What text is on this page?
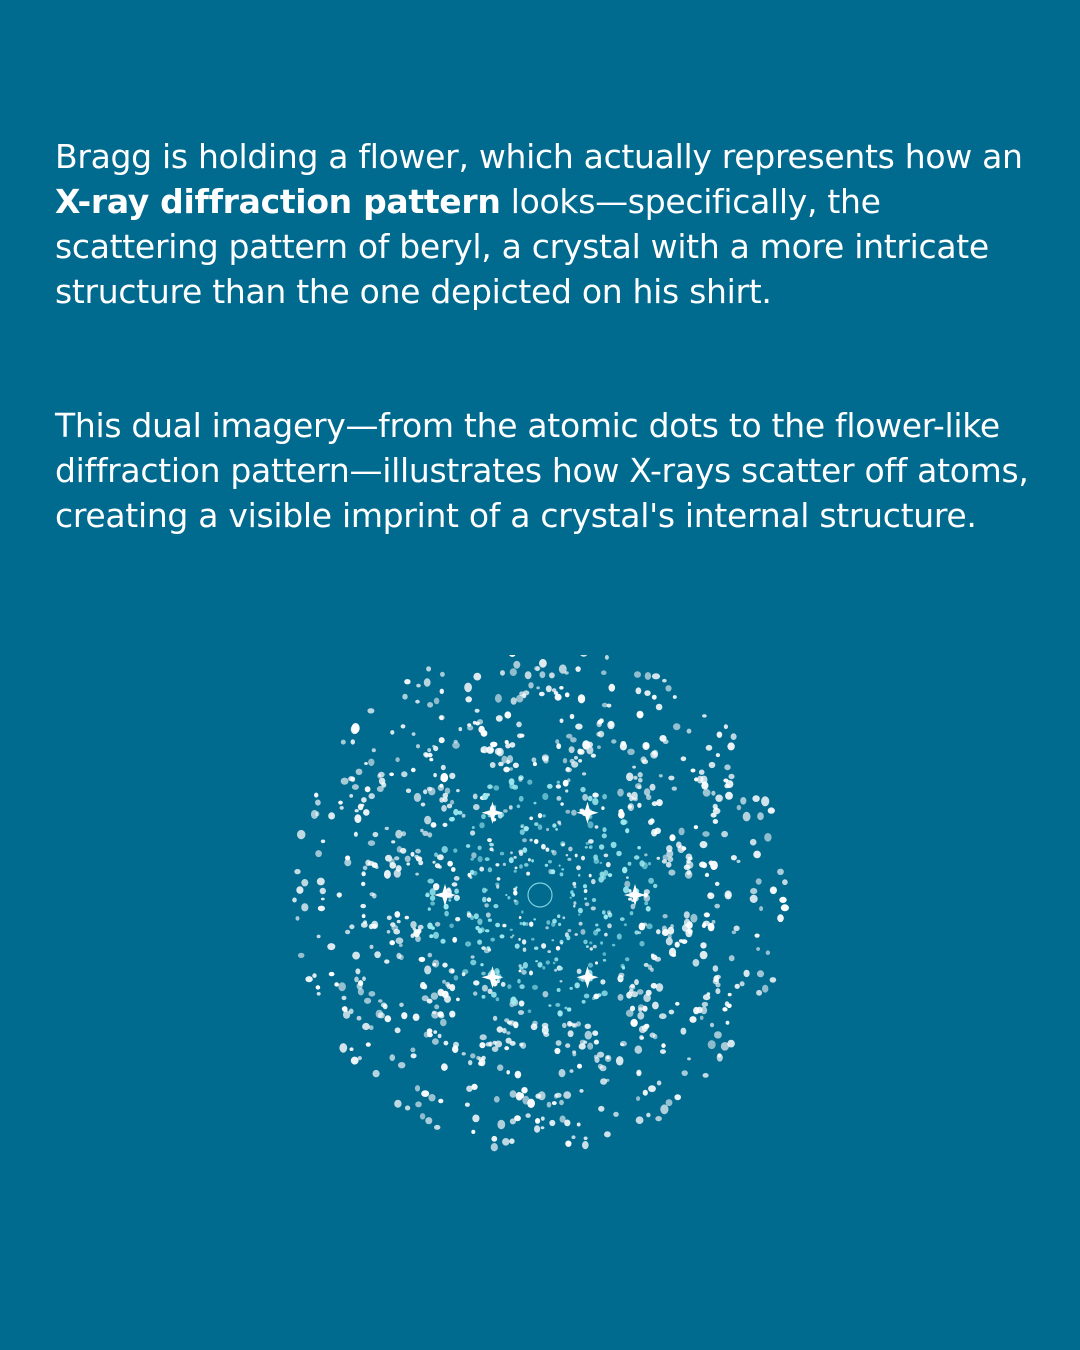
Bragg is holding a flower, which actually represents how an X-ray diffraction pattern looks—specifically, the scattering pattern of beryl, a crystal with a more intricate structure than the one depicted on his shirt.

This dual imagery—from the atomic dots to the flower-like diffraction pattern—illustrates how X-rays scatter off atoms, creating a visible imprint of a crystal's internal structure.
